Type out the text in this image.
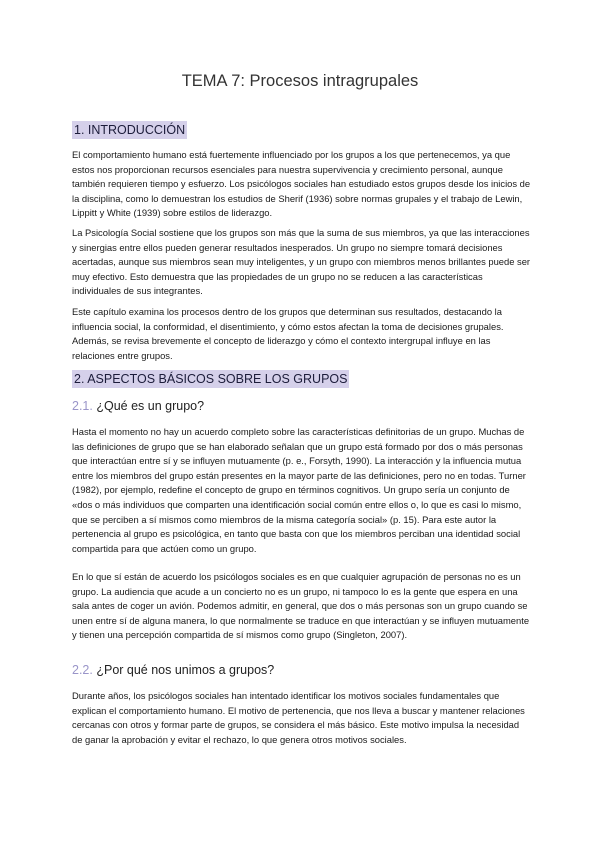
TEMA 7: Procesos intragrupales
1. INTRODUCCIÓN

El comportamiento humano está fuertemente influenciado por los grupos a los que pertenecemos, ya que estos nos proporcionan recursos esenciales para nuestra supervivencia y crecimiento personal, aunque también requieren tiempo y esfuerzo. Los psicólogos sociales han estudiado estos grupos desde los inicios de la disciplina, como lo demuestran los estudios de Sherif (1936) sobre normas grupales y el trabajo de Lewin, Lippitt y White (1939) sobre estilos de liderazgo.

La Psicología Social sostiene que los grupos son más que la suma de sus miembros, ya que las interacciones y sinergias entre ellos pueden generar resultados inesperados. Un grupo no siempre tomará decisiones acertadas, aunque sus miembros sean muy inteligentes, y un grupo con miembros menos brillantes puede ser muy efectivo. Esto demuestra que las propiedades de un grupo no se reducen a las características individuales de sus integrantes.

Este capítulo examina los procesos dentro de los grupos que determinan sus resultados, destacando la influencia social, la conformidad, el disentimiento, y cómo estos afectan la toma de decisiones grupales. Además, se revisa brevemente el concepto de liderazgo y cómo el contexto intergrupal influye en las relaciones entre grupos.

2. ASPECTOS BÁSICOS SOBRE LOS GRUPOS
2.1. ¿Qué es un grupo?

Hasta el momento no hay un acuerdo completo sobre las características definitorias de un grupo. Muchas de las definiciones de grupo que se han elaborado señalan que un grupo está formado por dos o más personas que interactúan entre sí y se influyen mutuamente (p. e., Forsyth, 1990). La interacción y la influencia mutua entre los miembros del grupo están presentes en la mayor parte de las definiciones, pero no en todas. Turner (1982), por ejemplo, redefine el concepto de grupo en términos cognitivos. Un grupo sería un conjunto de «dos o más individuos que comparten una identificación social común entre ellos o, lo que es casi lo mismo, que se perciben a sí mismos como miembros de la misma categoría social» (p. 15). Para este autor la pertenencia al grupo es psicológica, en tanto que basta con que los miembros perciban una identidad social compartida para que actúen como un grupo.

En lo que sí están de acuerdo los psicólogos sociales es en que cualquier agrupación de personas no es un grupo. La audiencia que acude a un concierto no es un grupo, ni tampoco lo es la gente que espera en una sala antes de coger un avión. Podemos admitir, en general, que dos o más personas son un grupo cuando se unen entre sí de alguna manera, lo que normalmente se traduce en que interactúan y se influyen mutuamente y tienen una percepción compartida de sí mismos como grupo (Singleton, 2007).

2.2. ¿Por qué nos unimos a grupos?

Durante años, los psicólogos sociales han intentado identificar los motivos sociales fundamentales que explican el comportamiento humano. El motivo de pertenencia, que nos lleva a buscar y mantener relaciones cercanas con otros y formar parte de grupos, se considera el más básico. Este motivo impulsa la necesidad de ganar la aprobación y evitar el rechazo, lo que genera otros motivos sociales.
